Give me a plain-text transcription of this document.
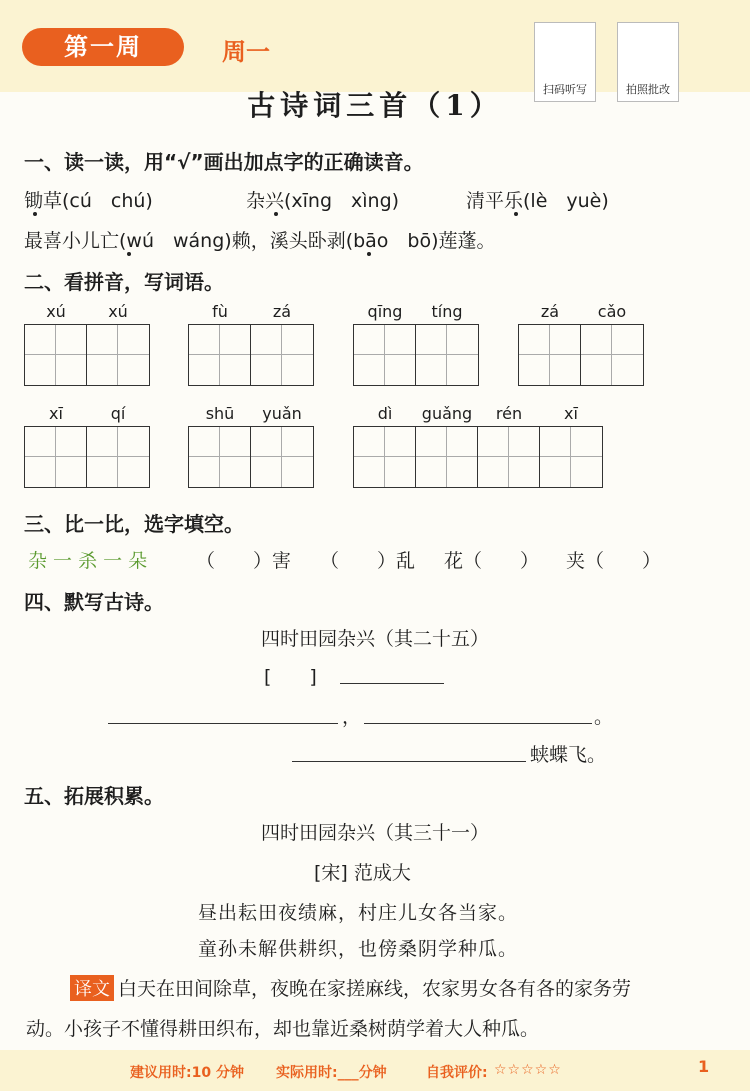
第一周	周一
扫码听写	拍照批改
古诗词三首（1）
一、读一读，用“√”画出加点字的正确读音。
锄草(cú　chú)	杂兴(xīng　xìng)	清平乐(lè　yuè)
最喜小儿亡(wú　wáng)赖，溪头卧剥(bāo　bō)莲蓬。
二、看拼音，写词语。
xú	xú	fù	zá	qīng	tíng	zá	cǎo
xī	qí	shū	yuǎn	dì	guǎng	rén	xī
三、比一比，选字填空。
杂 一 杀 一 朵	（　　）害 （　　）乱 花（　　） 夹（　　）
四、默写古诗。
四时田园杂兴（其二十五）
[　　]
，	。
蛱蝶飞。
五、拓展积累。
四时田园杂兴（其三十一）
[宋] 范成大
昼出耘田夜绩麻，村庄儿女各当家。
童孙未解供耕织，也傍桑阴学种瓜。
译文 白天在田间除草，夜晚在家搓麻线，农家男女各有各的家务劳
动。小孩子不懂得耕田织布，却也靠近桑树荫学着大人种瓜。
建议用时:10 分钟 实际用时:___分钟	自我评价: ☆☆☆☆☆	1
